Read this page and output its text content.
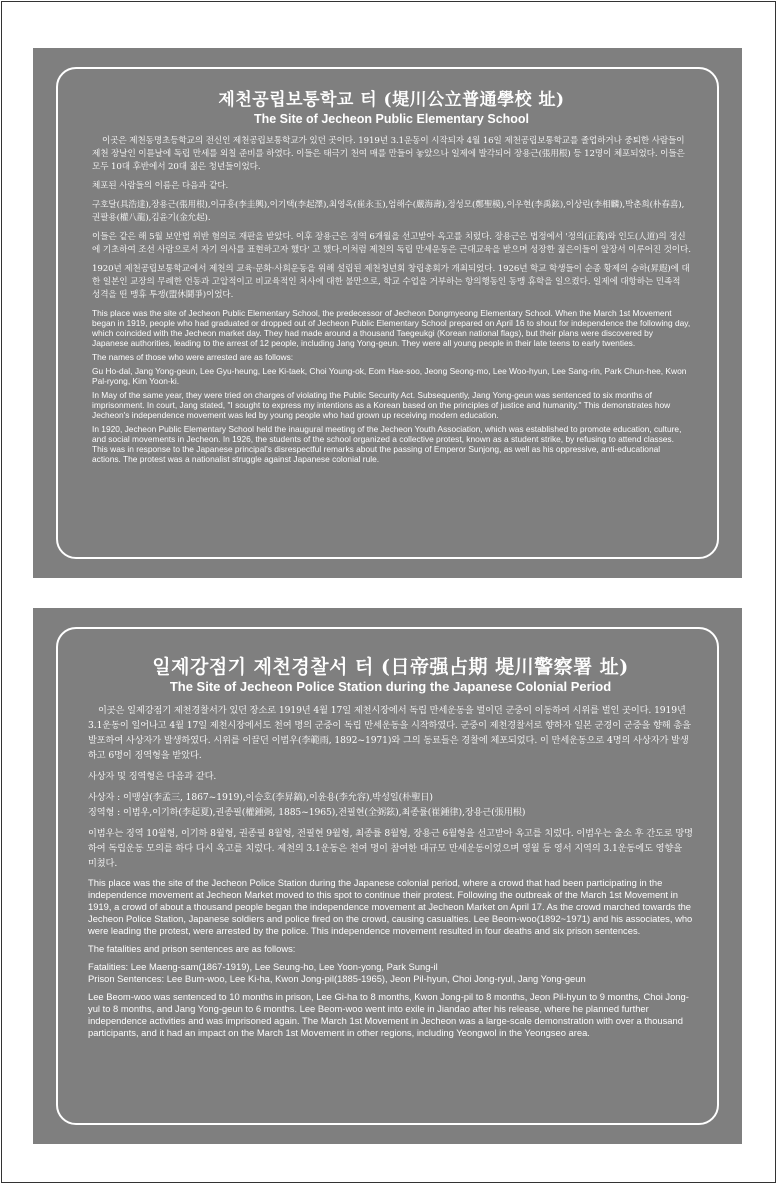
제천공립보통학교 터 (堤川公立普通學校 址)
The Site of Jecheon Public Elementary School

이곳은 제천동명초등학교의 전신인 제천공립보통학교가 있던 곳이다. 1919년 3.1운동이 시작되자 4월 16일 제천공립보통학교를 졸업하거나 중퇴한 사람들이 제천 장날인 이튿날에 독립 만세를 외칠 준비를 하였다. 이들은 태극기 천여 매를 만들어 놓았으나 일제에 발각되어 장용근(張用根) 등 12명이 체포되었다. 이들은 모두 10대 후반에서 20대 젊은 청년들이었다.

체포된 사람들의 이름은 다음과 같다.

구호달(具浩達),장용근(張用根),이규흥(李圭興),이기택(李起澤),최영옥(崔永玉),엄해수(嚴海壽),정성모(鄭聖模),이우현(李禹鉉),이상린(李相麟),박춘희(朴春喜),권팔용(權八龍),김윤기(金允起).

이들은 같은 해 5월 보안법 위반 혐의로 재판을 받았다. 이후 장용근은 징역 6개월을 선고받아 옥고를 치렀다. 장용근은 법정에서 '정의(正義)와 인도(人道)의 정신에 기초하여 조선 사람으로서 자기 의사를 표현하고자 했다' 고 했다.이처럼 제천의 독립 만세운동은 근대교육을 받으며 성장한 젊은이들이 앞장서 이루어진 것이다.

1920년 제천공립보통학교에서 제천의 교육·문화·사회운동을 위해 설립된 제천청년회 창립총회가 개최되었다. 1926년 학교 학생들이 순종 황제의 승하(昇遐)에 대한 일본인 교장의 무례한 언동과 고압적이고 비교육적인 처사에 대한 불만으로, 학교 수업을 거부하는 항의행동인 동맹 휴학을 일으켰다. 일제에 대항하는 민족적 성격을 띤 맹휴 투쟁(盟休鬪爭)이었다.

This place was the site of Jecheon Public Elementary School, the predecessor of Jecheon Dongmyeong Elementary School. When the March 1st Movement began in 1919, people who had graduated or dropped out of Jecheon Public Elementary School prepared on April 16 to shout for independence the following day, which coincided with the Jecheon market day. They had made around a thousand Taegeukgi (Korean national flags), but their plans were discovered by Japanese authorities, leading to the arrest of 12 people, including Jang Yong-geun. They were all young people in their late teens to early twenties.

The names of those who were arrested are as follows:

Gu Ho-dal, Jang Yong-geun, Lee Gyu-heung, Lee Ki-taek, Choi Young-ok, Eom Hae-soo, Jeong Seong-mo, Lee Woo-hyun, Lee Sang-rin, Park Chun-hee, Kwon Pal-ryong, Kim Yoon-ki.

In May of the same year, they were tried on charges of violating the Public Security Act. Subsequently, Jang Yong-geun was sentenced to six months of imprisonment. In court, Jang stated, "I sought to express my intentions as a Korean based on the principles of justice and humanity." This demonstrates how Jecheon's independence movement was led by young people who had grown up receiving modern education.

In 1920, Jecheon Public Elementary School held the inaugural meeting of the Jecheon Youth Association, which was established to promote education, culture, and social movements in Jecheon. In 1926, the students of the school organized a collective protest, known as a student strike, by refusing to attend classes. This was in response to the Japanese principal's disrespectful remarks about the passing of Emperor Sunjong, as well as his oppressive, anti-educational actions. The protest was a nationalist struggle against Japanese colonial rule.

일제강점기 제천경찰서 터 (日帝强占期 堤川警察署 址)
The Site of Jecheon Police Station during the Japanese Colonial Period

이곳은 일제강점기 제천경찰서가 있던 장소로 1919년 4월 17일 제천시장에서 독립 만세운동을 벌이던 군중이 이동하여 시위를 벌인 곳이다. 1919년 3.1운동이 일어나고 4월 17일 제천시장에서도 천여 명의 군중이 독립 만세운동을 시작하였다. 군중이 제천경찰서로 향하자 일본 군경이 군중을 향해 총을 발포하여 사상자가 발생하였다. 시위를 이끌던 이범우(李範雨, 1892~1971)와 그의 동료들은 경찰에 체포되었다. 이 만세운동으로 4명의 사상자가 발생하고 6명이 징역형을 받았다.

사상자 및 징역형은 다음과 같다.

사상자 : 이맹삼(李孟三, 1867~1919),이승호(李昇鎬),이윤용(李允容),박성일(朴聖日)

징역형 : 이범우,이기하(李起夏),권종필(權鍾弼, 1885~1965),전필현(全弼鉉),최종률(崔鍾律),장용근(張用根)

이범우는 징역 10월형, 이기하 8월형, 권종필 8월형, 전필현 9월형, 최종률 8월형, 장용근 6월형을 선고받아 옥고를 치렀다. 이범우는 출소 후 간도로 망명하여 독립운동 모의를 하다 다시 옥고를 치렀다. 제천의 3.1운동은 천여 명이 참여한 대규모 만세운동이었으며 영월 등 영서 지역의 3.1운동에도 영향을 미쳤다.

This place was the site of the Jecheon Police Station during the Japanese colonial period, where a crowd that had been participating in the independence movement at Jecheon Market moved to this spot to continue their protest. Following the outbreak of the March 1st Movement in 1919, a crowd of about a thousand people began the independence movement at Jecheon Market on April 17. As the crowd marched towards the Jecheon Police Station, Japanese soldiers and police fired on the crowd, causing casualties. Lee Beom-woo(1892~1971) and his associates, who were leading the protest, were arrested by the police. This independence movement resulted in four deaths and six prison sentences.

The fatalities and prison sentences are as follows:

Fatalities: Lee Maeng-sam(1867-1919), Lee Seung-ho, Lee Yoon-yong, Park Sung-il

Prison Sentences: Lee Bum-woo, Lee Ki-ha, Kwon Jong-pil(1885-1965), Jeon Pil-hyun, Choi Jong-ryul, Jang Yong-geun

Lee Beom-woo was sentenced to 10 months in prison, Lee Gi-ha to 8 months, Kwon Jong-pil to 8 months, Jeon Pil-hyun to 9 months, Choi Jong-yul to 8 months, and Jang Yong-geun to 6 months. Lee Beom-woo went into exile in Jiandao after his release, where he planned further independence activities and was imprisoned again. The March 1st Movement in Jecheon was a large-scale demonstration with over a thousand participants, and it had an impact on the March 1st Movement in other regions, including Yeongwol in the Yeongseo area.
